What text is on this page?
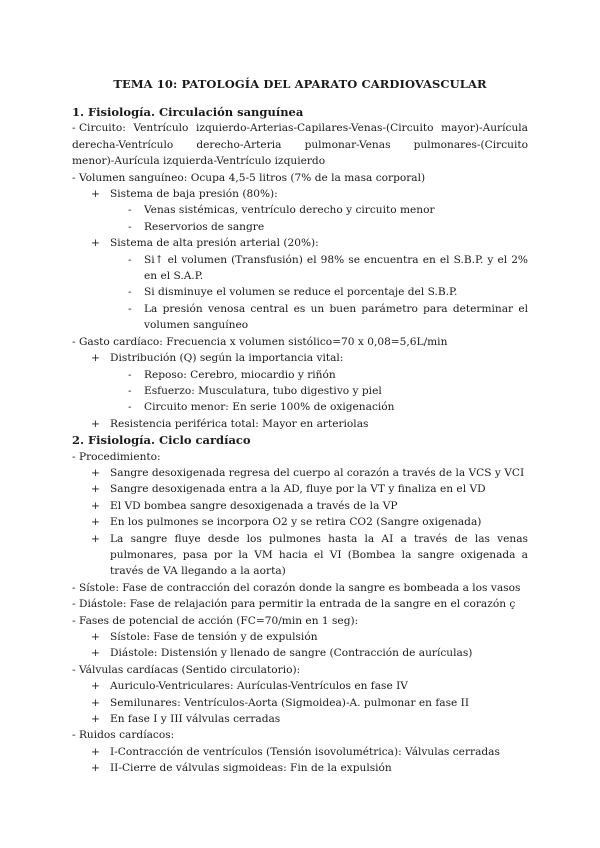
TEMA 10: PATOLOGÍA DEL APARATO CARDIOVASCULAR
1. Fisiología. Circulación sanguínea
- Circuito: Ventrículo izquierdo-Arterias-Capilares-Venas-(Circuito mayor)-Aurícula
derecha-Ventrículo derecho-Arteria pulmonar-Venas pulmonares-(Circuito
menor)-Aurícula izquierda-Ventrículo izquierdo
- Volumen sanguíneo: Ocupa 4,5-5 litros (7% de la masa corporal)
+ Sistema de baja presión (80%):
- Venas sistémicas, ventrículo derecho y circuito menor
- Reservorios de sangre
+ Sistema de alta presión arterial (20%):
- Si↑ el volumen (Transfusión) el 98% se encuentra en el S.B.P. y el 2% en el S.A.P.
- Si disminuye el volumen se reduce el porcentaje del S.B.P.
- La presión venosa central es un buen parámetro para determinar el volumen sanguíneo
- Gasto cardíaco: Frecuencia x volumen sistólico=70 x 0,08=5,6L/min
+ Distribución (Q) según la importancia vital:
- Reposo: Cerebro, miocardio y riñón
- Esfuerzo: Musculatura, tubo digestivo y piel
- Circuito menor: En serie 100% de oxigenación
+ Resistencia periférica total: Mayor en arteriolas
2. Fisiología. Ciclo cardíaco
- Procedimiento:
+ Sangre desoxigenada regresa del cuerpo al corazón a través de la VCS y VCI
+ Sangre desoxigenada entra a la AD, fluye por la VT y finaliza en el VD
+ El VD bombea sangre desoxigenada a través de la VP
+ En los pulmones se incorpora O2 y se retira CO2 (Sangre oxigenada)
+ La sangre fluye desde los pulmones hasta la AI a través de las venas pulmonares, pasa por la VM hacia el VI (Bombea la sangre oxigenada a través de VA llegando a la aorta)
- Sístole: Fase de contracción del corazón donde la sangre es bombeada a los vasos
- Diástole: Fase de relajación para permitir la entrada de la sangre en el corazón ç
- Fases de potencial de acción (FC=70/min en 1 seg):
+ Sístole: Fase de tensión y de expulsión
+ Diástole: Distensión y llenado de sangre (Contracción de aurículas)
- Válvulas cardíacas (Sentido circulatorio):
+ Auriculo-Ventriculares: Aurículas-Ventrículos en fase IV
+ Semilunares: Ventrículos-Aorta (Sigmoidea)-A. pulmonar en fase II
+ En fase I y III válvulas cerradas
- Ruidos cardíacos:
+ I-Contracción de ventrículos (Tensión isovolumétrica): Válvulas cerradas
+ II-Cierre de válvulas sigmoideas: Fin de la expulsión
